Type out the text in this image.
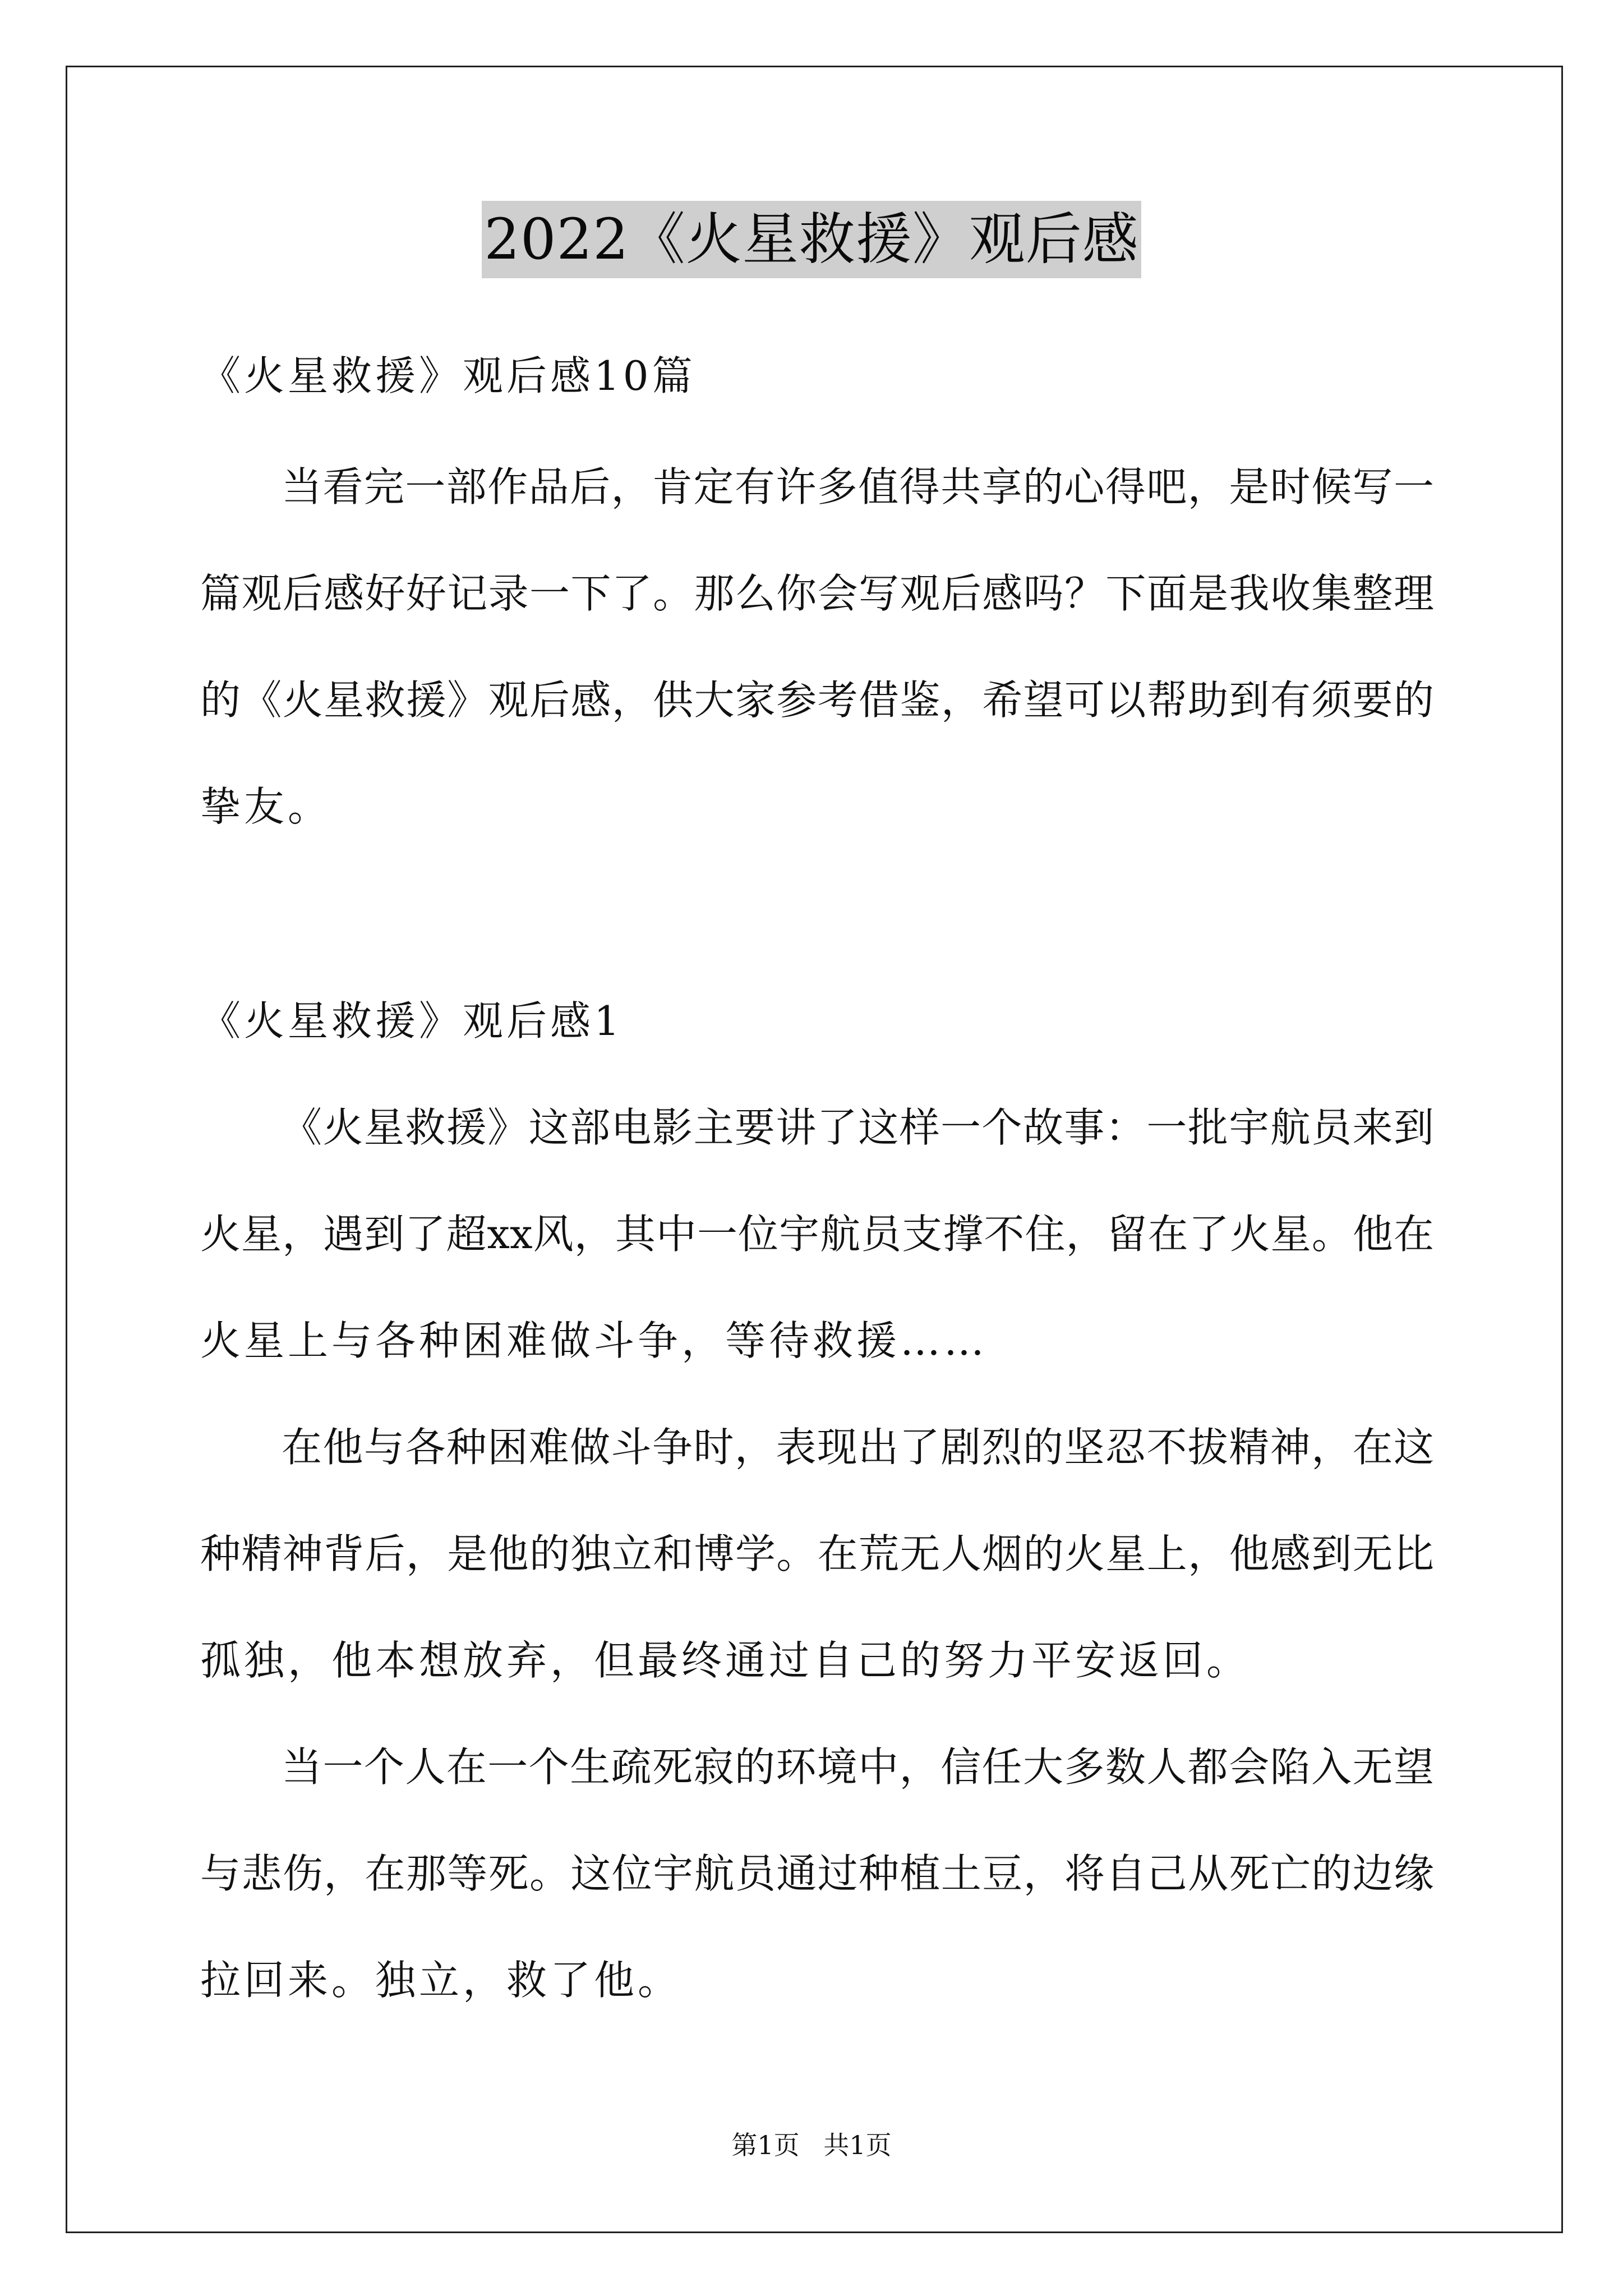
2022《火星救援》观后感
《火星救援》观后感10篇
当看完一部作品后，肯定有许多值得共享的心得吧，是时候写一
篇观后感好好记录一下了。那么你会写观后感吗？下面是我收集整理
的《火星救援》观后感，供大家参考借鉴，希望可以帮助到有须要的
挚友。
《火星救援》观后感1
《火星救援》这部电影主要讲了这样一个故事：一批宇航员来到
火星，遇到了超xx风，其中一位宇航员支撑不住，留在了火星。他在
火星上与各种困难做斗争，等待救援……
在他与各种困难做斗争时，表现出了剧烈的坚忍不拔精神，在这
种精神背后，是他的独立和博学。在荒无人烟的火星上，他感到无比
孤独，他本想放弃，但最终通过自己的努力平安返回。
当一个人在一个生疏死寂的环境中，信任大多数人都会陷入无望
与悲伤，在那等死。这位宇航员通过种植土豆，将自己从死亡的边缘
拉回来。独立，救了他。
第1页 共1页
